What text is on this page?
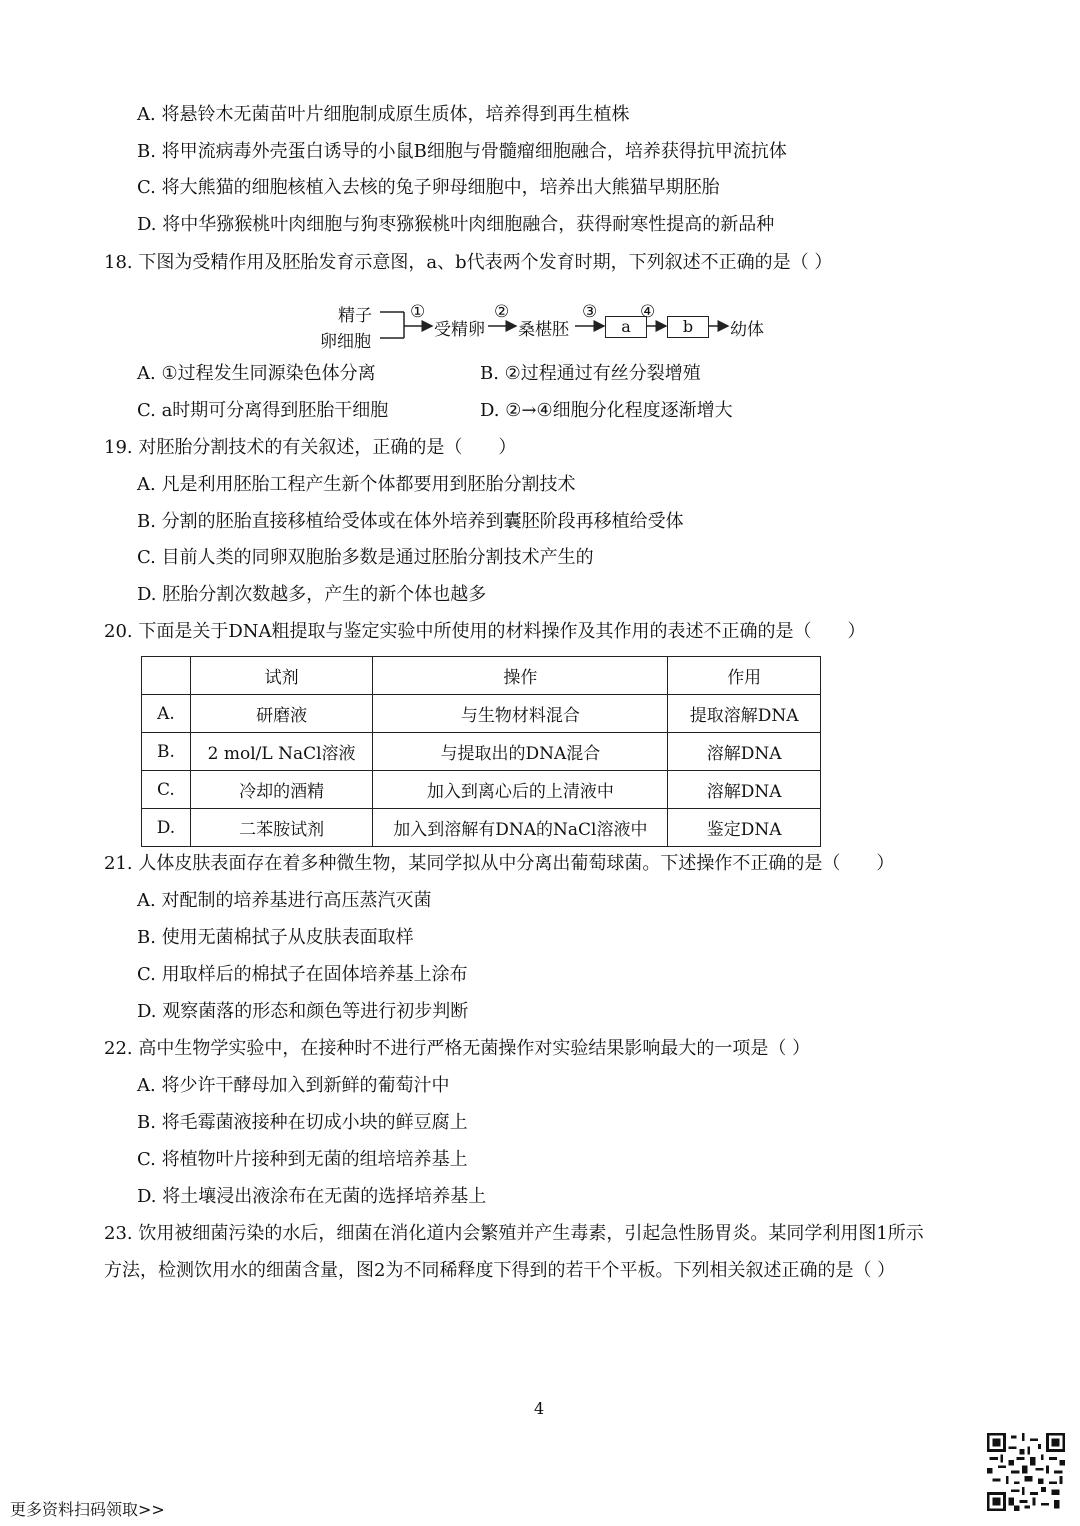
A. 将悬铃木无菌苗叶片细胞制成原生质体，培养得到再生植株
B. 将甲流病毒外壳蛋白诱导的小鼠B细胞与骨髓瘤细胞融合，培养获得抗甲流抗体
C. 将大熊猫的细胞核植入去核的兔子卵母细胞中，培养出大熊猫早期胚胎
D. 将中华猕猴桃叶肉细胞与狗枣猕猴桃叶肉细胞融合，获得耐寒性提高的新品种
18. 下图为受精作用及胚胎发育示意图，a、b代表两个发育时期，下列叙述不正确的是（ ）
精子
卵细胞
①
受精卵
②
桑椹胚
③
a
④
b	幼体
A. ①过程发生同源染色体分离	B. ②过程通过有丝分裂增殖
C. a时期可分离得到胚胎干细胞	D. ②→④细胞分化程度逐渐增大
19. 对胚胎分割技术的有关叙述，正确的是（　　）
A. 凡是利用胚胎工程产生新个体都要用到胚胎分割技术
B. 分割的胚胎直接移植给受体或在体外培养到囊胚阶段再移植给受体
C. 目前人类的同卵双胞胎多数是通过胚胎分割技术产生的
D. 胚胎分割次数越多，产生的新个体也越多
20. 下面是关于DNA粗提取与鉴定实验中所使用的材料操作及其作用的表述不正确的是（　　）
	试剂	操作	作用
A.	研磨液	与生物材料混合	提取溶解DNA
B.	2 mol/L NaCl溶液	与提取出的DNA混合	溶解DNA
C.	冷却的酒精	加入到离心后的上清液中	溶解DNA
D.	二苯胺试剂	加入到溶解有DNA的NaCl溶液中	鉴定DNA
21. 人体皮肤表面存在着多种微生物，某同学拟从中分离出葡萄球菌。下述操作不正确的是（　　）
A. 对配制的培养基进行高压蒸汽灭菌
B. 使用无菌棉拭子从皮肤表面取样
C. 用取样后的棉拭子在固体培养基上涂布
D. 观察菌落的形态和颜色等进行初步判断
22. 高中生物学实验中，在接种时不进行严格无菌操作对实验结果影响最大的一项是（ ）
A. 将少许干酵母加入到新鲜的葡萄汁中
B. 将毛霉菌液接种在切成小块的鲜豆腐上
C. 将植物叶片接种到无菌的组培培养基上
D. 将土壤浸出液涂布在无菌的选择培养基上
23. 饮用被细菌污染的水后，细菌在消化道内会繁殖并产生毒素，引起急性肠胃炎。某同学利用图1所示
方法，检测饮用水的细菌含量，图2为不同稀释度下得到的若干个平板。下列相关叙述正确的是（ ）
4
更多资料扫码领取>>
